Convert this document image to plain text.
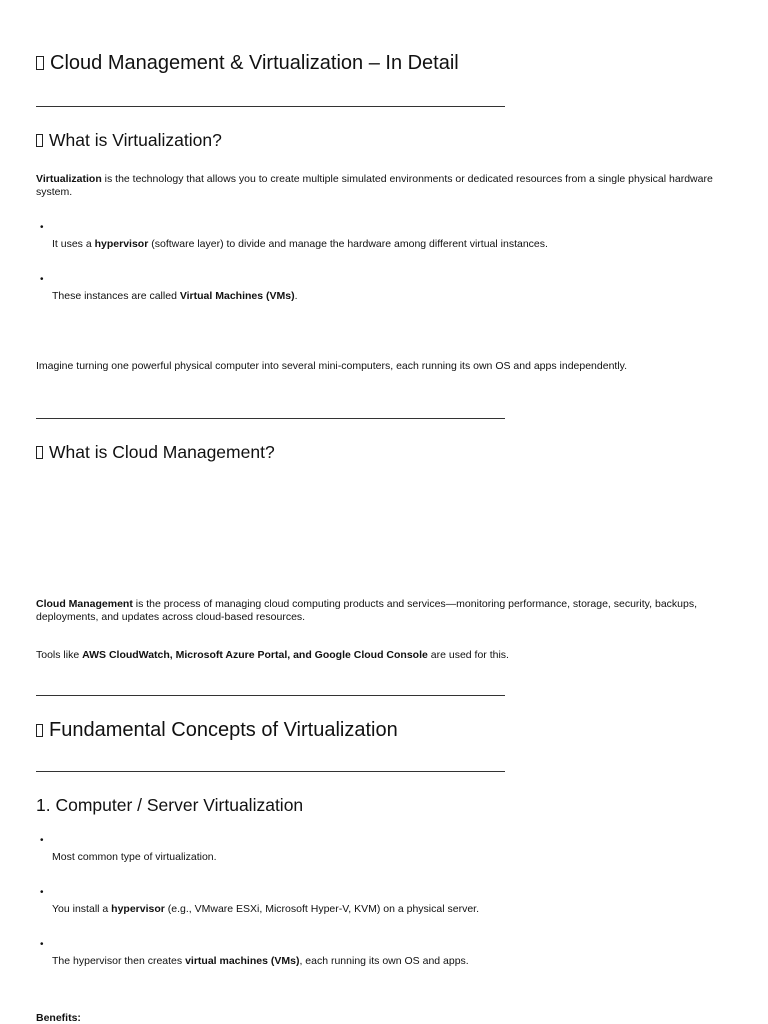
Cloud Management & Virtualization – In Detail
What is Virtualization?
Virtualization is the technology that allows you to create multiple simulated environments or dedicated resources from a single physical hardware system.
•
It uses a hypervisor (software layer) to divide and manage the hardware among different virtual instances.
•
These instances are called Virtual Machines (VMs).
Imagine turning one powerful physical computer into several mini-computers, each running its own OS and apps independently.
What is Cloud Management?
Cloud Management is the process of managing cloud computing products and services—monitoring performance, storage, security, backups, deployments, and updates across cloud-based resources.
Tools like AWS CloudWatch, Microsoft Azure Portal, and Google Cloud Console are used for this.
Fundamental Concepts of Virtualization
1. Computer / Server Virtualization
•
Most common type of virtualization.
•
You install a hypervisor (e.g., VMware ESXi, Microsoft Hyper-V, KVM) on a physical server.
•
The hypervisor then creates virtual machines (VMs), each running its own OS and apps.
Benefits:
